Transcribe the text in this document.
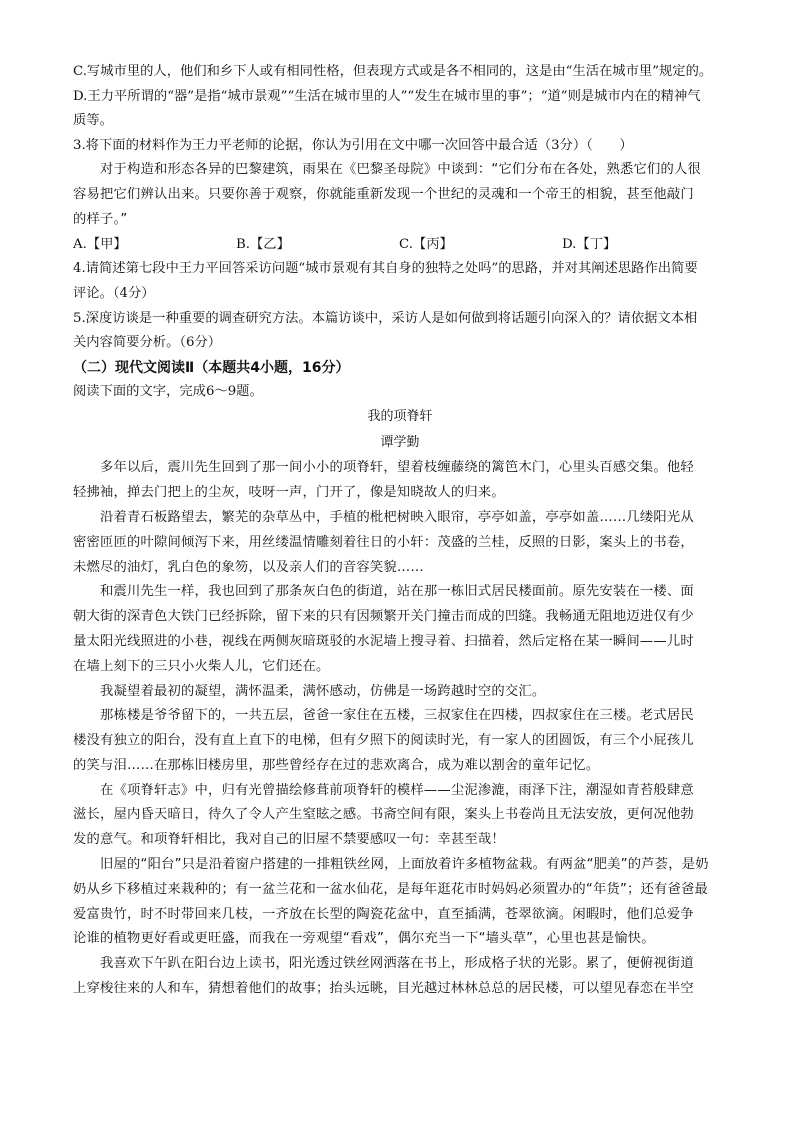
C.写城市里的人，他们和乡下人或有相同性格，但表现方式或是各不相同的，这是由“生活在城市里”规定的。
D.王力平所谓的“器”是指“城市景观”“生活在城市里的人”“发生在城市里的事”；“道”则是城市内在的精神气
质等。
3.将下面的材料作为王力平老师的论据，你认为引用在文中哪一次回答中最合适（3分）（　　）
对于构造和形态各异的巴黎建筑，雨果在《巴黎圣母院》中谈到：“它们分布在各处，熟悉它们的人很
容易把它们辨认出来。只要你善于观察，你就能重新发现一个世纪的灵魂和一个帝王的相貌，甚至他敲门
的样子。”
A.【甲】	B.【乙】	C.【丙】	D.【丁】
4.请简述第七段中王力平回答采访问题“城市景观有其自身的独特之处吗”的思路，并对其阐述思路作出简要
评论。（4分）
5.深度访谈是一种重要的调查研究方法。本篇访谈中，采访人是如何做到将话题引向深入的？请依据文本相
关内容简要分析。（6分）
（二）现代文阅读Ⅱ（本题共4小题，16分）
阅读下面的文字，完成6～9题。
我的项脊轩
谭学勤
多年以后，震川先生回到了那一间小小的项脊轩，望着枝缠藤绕的篱笆木门，心里头百感交集。他轻
轻拂袖，掸去门把上的尘灰，吱呀一声，门开了，像是知晓故人的归来。
沿着青石板路望去，繁芜的杂草丛中，手植的枇杷树映入眼帘，亭亭如盖，亭亭如盖……几缕阳光从
密密匝匝的叶隙间倾泻下来，用丝缕温情雕刻着往日的小轩：茂盛的兰桂，反照的日影，案头上的书卷，
未燃尽的油灯，乳白色的象笏，以及亲人们的音容笑貌……
和震川先生一样，我也回到了那条灰白色的街道，站在那一栋旧式居民楼面前。原先安装在一楼、面
朝大街的深青色大铁门已经拆除，留下来的只有因频繁开关门撞击而成的凹缝。我畅通无阻地迈进仅有少
量太阳光线照进的小巷，视线在两侧灰暗斑驳的水泥墙上搜寻着、扫描着，然后定格在某一瞬间——儿时
在墙上刻下的三只小火柴人儿，它们还在。
我凝望着最初的凝望，满怀温柔，满怀感动，仿佛是一场跨越时空的交汇。
那栋楼是爷爷留下的，一共五层，爸爸一家住在五楼，三叔家住在四楼，四叔家住在三楼。老式居民
楼没有独立的阳台，没有直上直下的电梯，但有夕照下的阅读时光，有一家人的团圆饭，有三个小屁孩儿
的笑与泪……在那栋旧楼房里，那些曾经存在过的悲欢离合，成为难以割舍的童年记忆。
在《项脊轩志》中，归有光曾描绘修葺前项脊轩的模样——尘泥渗漉，雨泽下注，潮湿如青苔般肆意
滋长，屋内昏天暗日，待久了令人产生窒眩之感。书斋空间有限，案头上书卷尚且无法安放，更何况他勃
发的意气。和项脊轩相比，我对自己的旧屋不禁要感叹一句：幸甚至哉！
旧屋的“阳台”只是沿着窗户搭建的一排粗铁丝网，上面放着许多植物盆栽。有两盆“肥美”的芦荟，是奶
奶从乡下移植过来栽种的；有一盆兰花和一盆水仙花，是每年逛花市时妈妈必须置办的“年货”；还有爸爸最
爱富贵竹，时不时带回来几枝，一齐放在长型的陶瓷花盆中，直至插满，苍翠欲滴。闲暇时，他们总爱争
论谁的植物更好看或更旺盛，而我在一旁观望“看戏”，偶尔充当一下“墙头草”，心里也甚是愉快。
我喜欢下午趴在阳台边上读书，阳光透过铁丝网洒落在书上，形成格子状的光影。累了，便俯视街道
上穿梭往来的人和车，猜想着他们的故事；抬头远眺，目光越过林林总总的居民楼，可以望见春恋在半空
